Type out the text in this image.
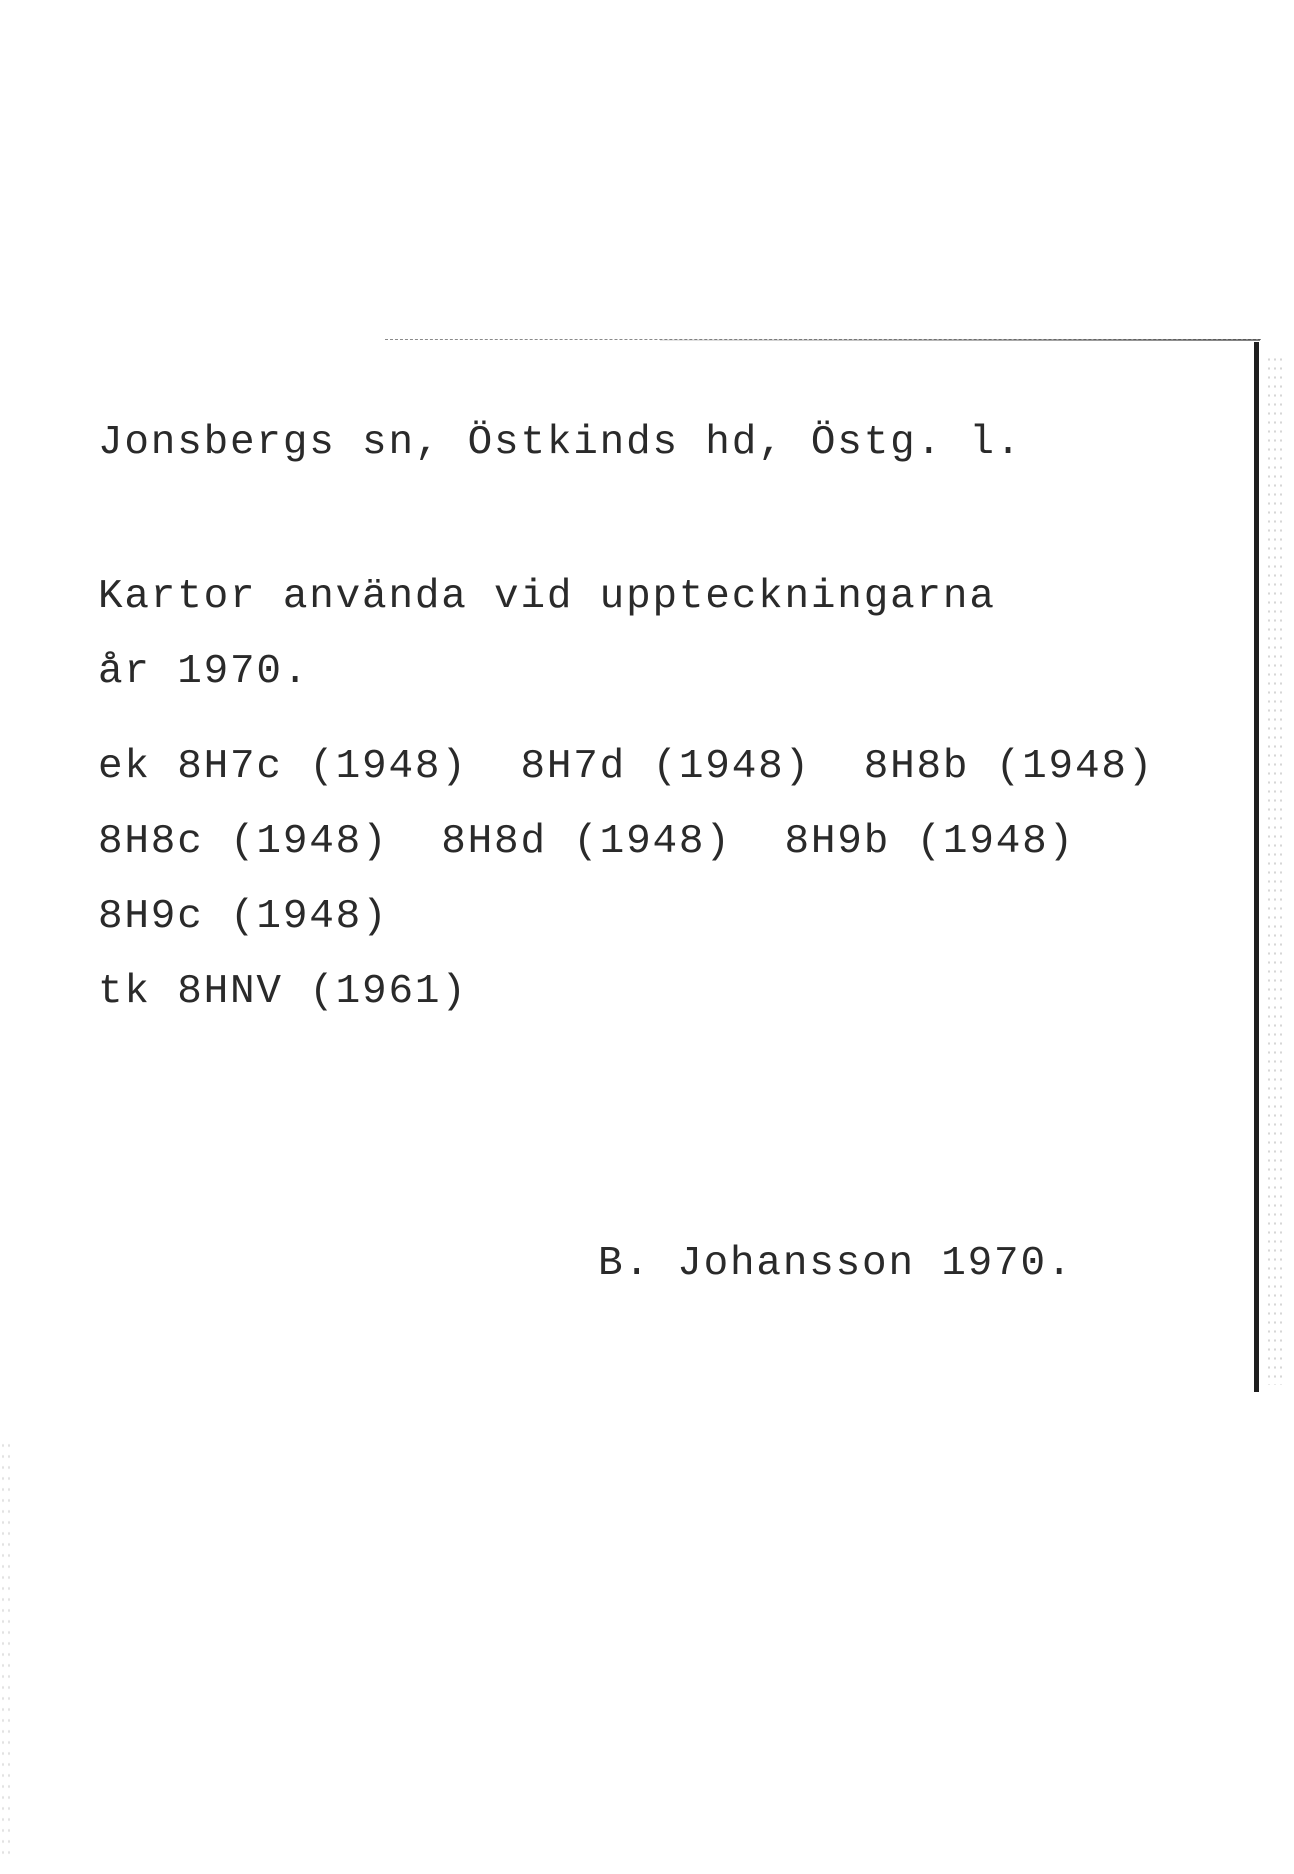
Jonsbergs sn, Östkinds hd, Östg. l.

Kartor använda vid uppteckningarna

år 1970.

ek 8H7c (1948)  8H7d (1948)  8H8b (1948)

8H8c (1948)  8H8d (1948)  8H9b (1948)

8H9c (1948)

tk 8HNV (1961)

B. Johansson 1970.
